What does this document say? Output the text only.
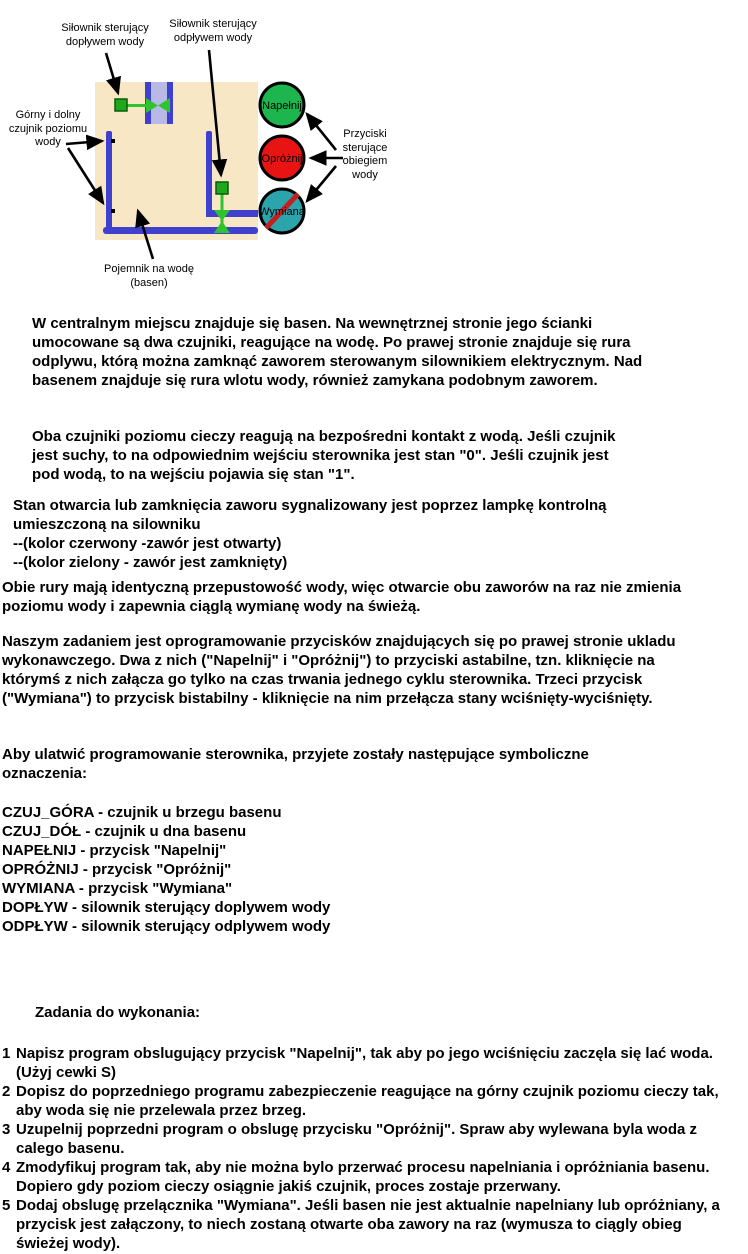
Napełnij
Opróżnij
Wymiana
Siłownik sterujący dopływem wody
Siłownik sterujący odpływem wody
Górny i dolny czujnik poziomu wody
Pojemnik na wodę (basen)
Przyciski sterujące obiegiem wody
W centralnym miejscu znajduje się basen. Na wewnętrznej stronie jego ścianki umocowane są dwa czujniki, reagujące na wodę. Po prawej stronie znajduje się rura odplywu, którą można zamknąć zaworem sterowanym silownikiem elektrycznym. Nad basenem znajduje się rura wlotu wody, również zamykana podobnym zaworem.
Oba czujniki poziomu cieczy reagują na bezpośredni kontakt z wodą. Jeśli czujnik jest suchy, to na odpowiednim wejściu sterownika jest stan "0". Jeśli czujnik jest pod wodą, to na wejściu pojawia się stan "1".
Stan otwarcia lub zamknięcia zaworu sygnalizowany jest poprzez lampkę kontrolną umieszczoną na silowniku
--(kolor czerwony -zawór jest otwarty)
--(kolor zielony - zawór jest zamknięty)
Obie rury mają identyczną przepustowość wody, więc otwarcie obu zaworów na raz nie zmienia poziomu wody i zapewnia ciąglą wymianę wody na świeżą.
Naszym zadaniem jest oprogramowanie przycisków znajdujących się po prawej stronie ukladu wykonawczego. Dwa z nich ("Napelnij" i "Opróżnij") to przyciski astabilne, tzn. kliknięcie na którymś z nich załącza go tylko na czas trwania jednego cyklu sterownika. Trzeci przycisk ("Wymiana") to przycisk bistabilny - kliknięcie na nim przełącza stany wciśnięty-wyciśnięty.
Aby ulatwić programowanie sterownika, przyjete zostały następujące symboliczne oznaczenia:
CZUJ_GÓRA - czujnik u brzegu basenu
CZUJ_DÓŁ - czujnik u dna basenu
NAPEŁNIJ - przycisk "Napelnij"
OPRÓŻNIJ - przycisk "Opróżnij"
WYMIANA - przycisk "Wymiana"
DOPŁYW - silownik sterujący doplywem wody
ODPŁYW - silownik sterujący odplywem wody
Zadania do wykonania:
1 Napisz program obslugujący przycisk "Napelnij", tak aby po jego wciśnięciu zaczęla się lać woda. (Użyj cewki S)
2 Dopisz do poprzedniego programu zabezpieczenie reagujące na górny czujnik poziomu cieczy tak, aby woda się nie przelewala przez brzeg.
3 Uzupelnij poprzedni program o obslugę przycisku "Opróżnij". Spraw aby wylewana byla woda z calego basenu.
4 Zmodyfikuj program tak, aby nie można bylo przerwać procesu napelniania i opróżniania basenu. Dopiero gdy poziom cieczy osiągnie jakiś czujnik, proces zostaje przerwany.
5 Dodaj obslugę przelącznika "Wymiana". Jeśli basen nie jest aktualnie napelniany lub opróżniany, a przycisk jest załączony, to niech zostaną otwarte oba zawory na raz (wymusza to ciągly obieg świeżej wody).
